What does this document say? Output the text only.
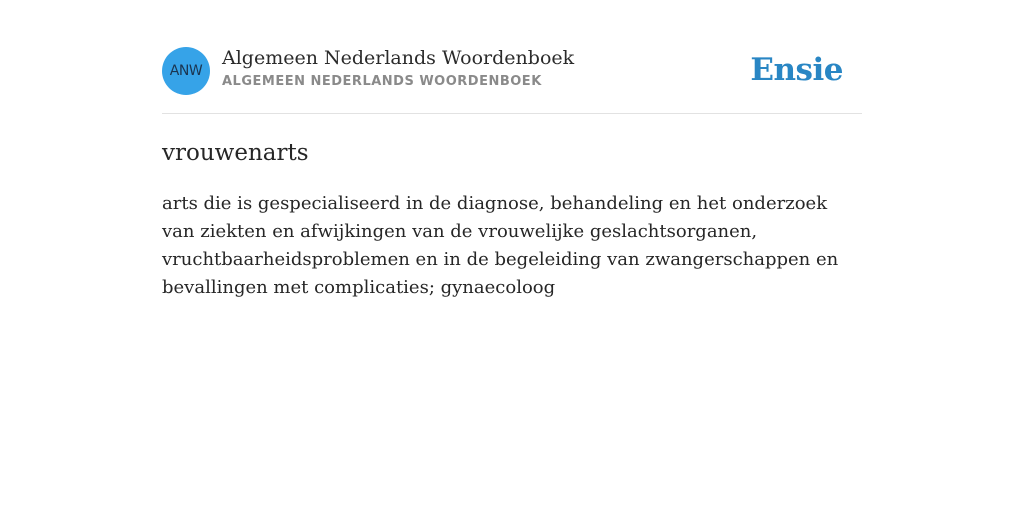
ANW
Algemeen Nederlands Woordenboek
ALGEMEEN NEDERLANDS WOORDENBOEK	Ensie
vrouwenarts
arts die is gespecialiseerd in de diagnose, behandeling en het onderzoek van ziekten en afwijkingen van de vrouwelijke geslachtsorganen, vruchtbaarheidsproblemen en in de begeleiding van zwangerschappen en bevallingen met complicaties; gynaecoloog
